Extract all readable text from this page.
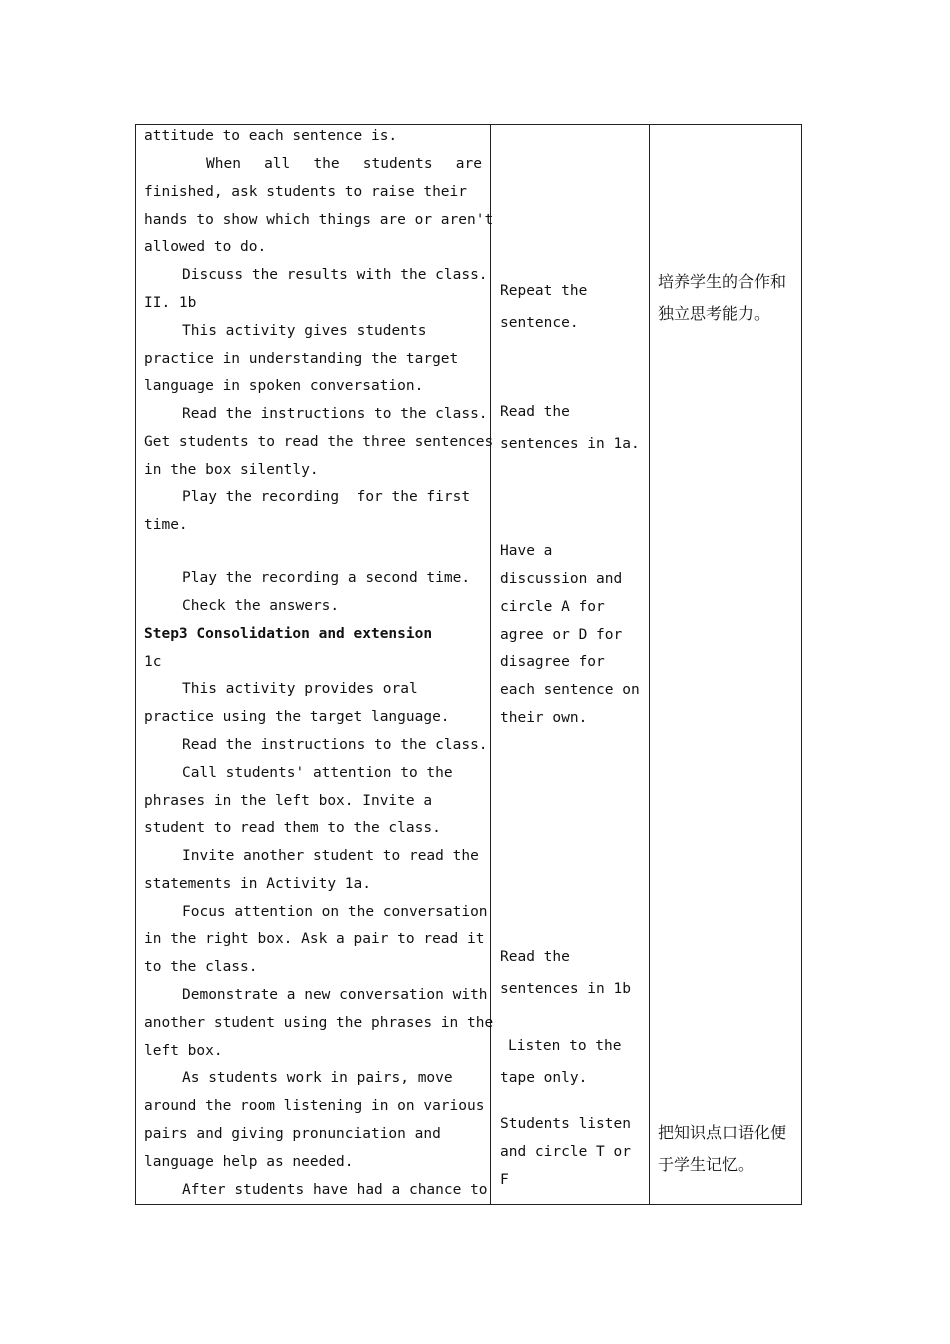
attitude to each sentence is.
When all the students are
finished, ask students to raise their
hands to show which things are or aren't
allowed to do.
Discuss the results with the class.
II. 1b
This activity gives students
practice in understanding the target
language in spoken conversation.
Read the instructions to the class.
Get students to read the three sentences
in the box silently.
Play the recording  for the first
time.
Play the recording a second time.
Check the answers.
Step3 Consolidation and extension
1c
This activity provides oral
practice using the target language.
Read the instructions to the class.
Call students' attention to the
phrases in the left box. Invite a
student to read them to the class.
Invite another student to read the
statements in Activity 1a.
Focus attention on the conversation
in the right box. Ask a pair to read it
to the class.
Demonstrate a new conversation with
another student using the phrases in the
left box.
As students work in pairs, move
around the room listening in on various
pairs and giving pronunciation and
language help as needed.
After students have had a chance to
Repeat the
sentence.
Read the
sentences in 1a.
Have a
discussion and
circle A for
agree or D for
disagree for
each sentence on
their own.
Read the
sentences in 1b
Listen to the
tape only.
Students listen
and circle T or
F
培养学生的合作和
独立思考能力。
把知识点口语化便
于学生记忆。
